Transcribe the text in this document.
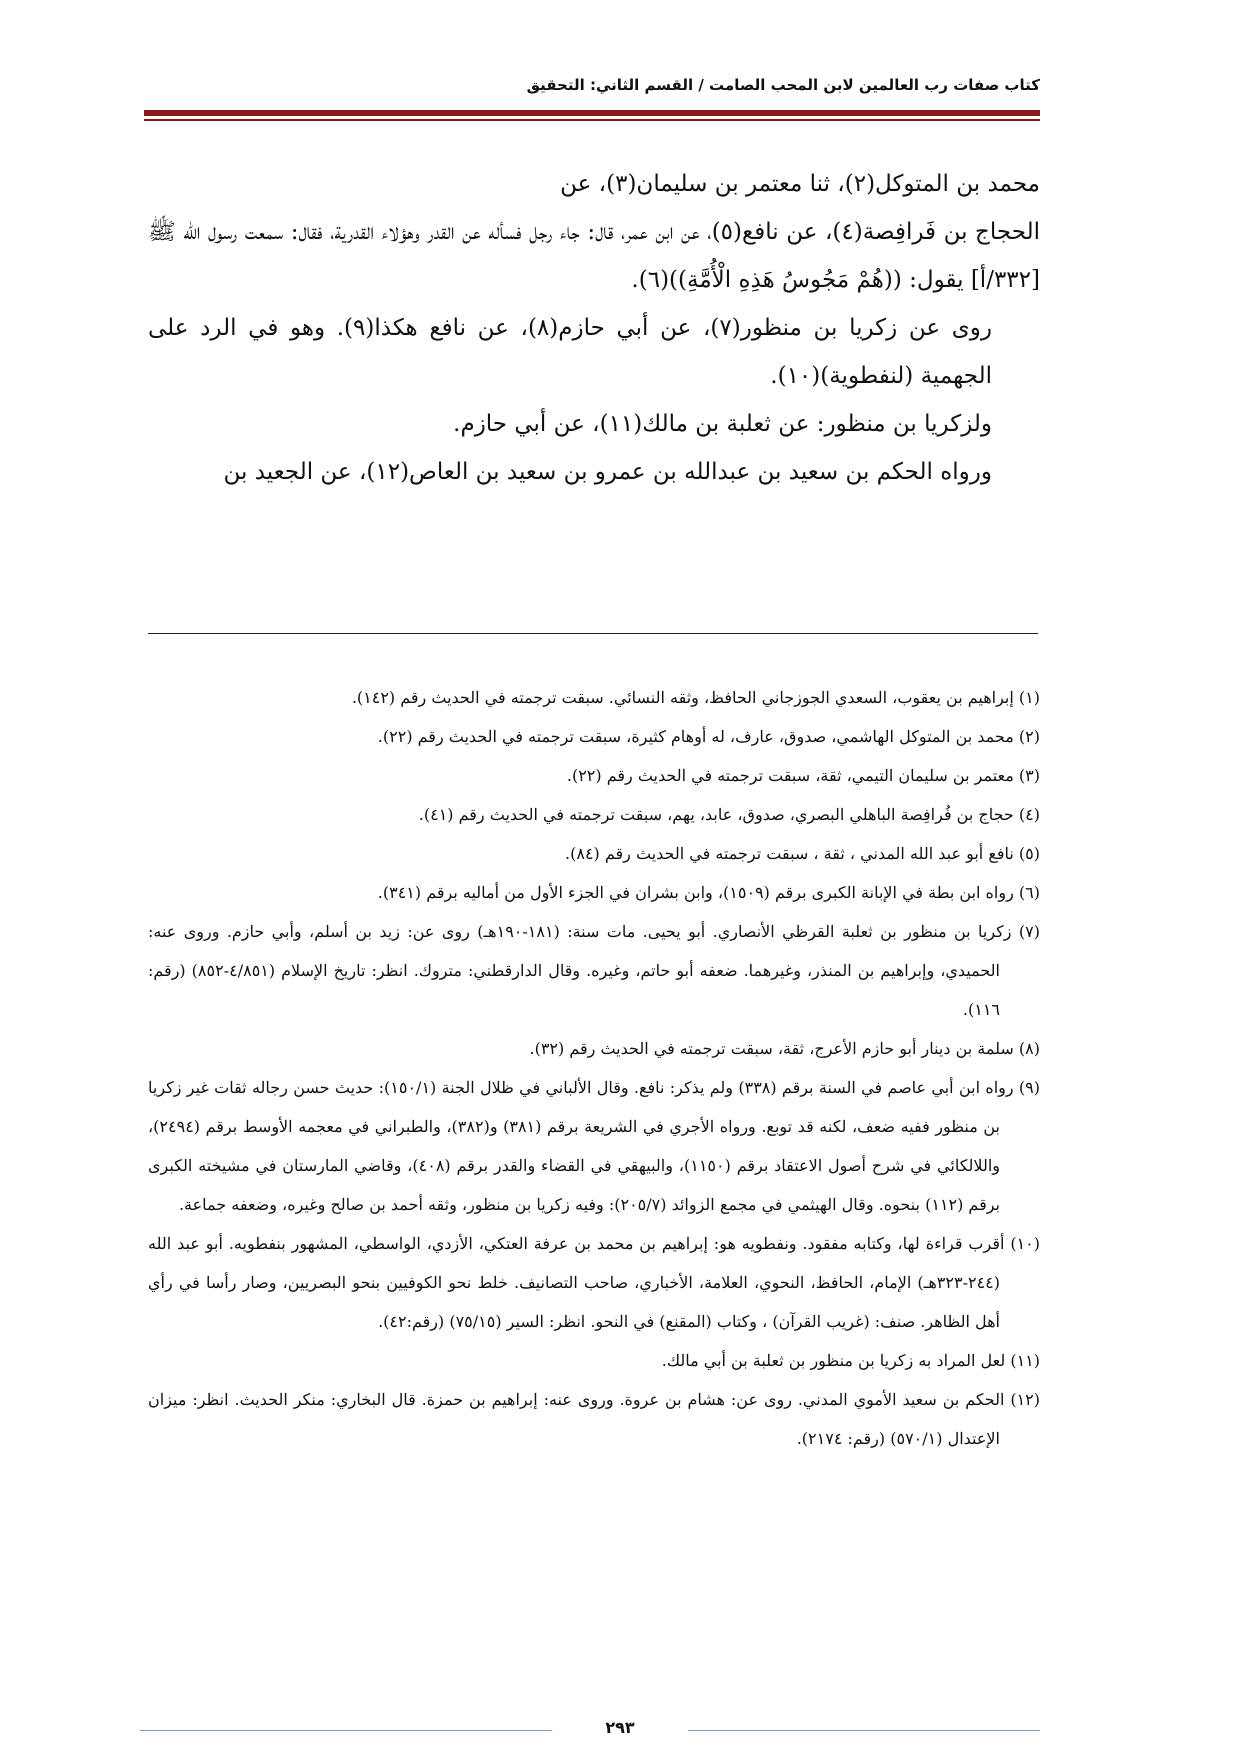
كتاب صفات رب العالمين لابن المحب الصامت / القسم الثاني: التحقيق

محمد بن المتوكل(٢)، ثنا معتمر بن سليمان(٣)، عن

الحجاج بن فَرافِصة(٤)، عن نافع(٥)، عن ابن عمر، قال: جاء رجل فسأله عن القدر وهؤلاء القدرية، فقال: سمعت رسول الله ﷺ [٣٣٢/أ] يقول: ((هُمْ مَجُوسُ هَذِهِ الْأُمَّةِ))(٦).

روى عن زكريا بن منظور(٧)، عن أبي حازم(٨)، عن نافع هكذا(٩). وهو في الرد على الجهمية (لنفطوية)(١٠).

ولزكريا بن منظور: عن ثعلبة بن مالك(١١)، عن أبي حازم.

ورواه الحكم بن سعيد بن عبدالله بن عمرو بن سعيد بن العاص(١٢)، عن الجعيد بن

(١) إبراهيم بن يعقوب، السعدي الجوزجاني الحافظ، وثقه النسائي. سبقت ترجمته في الحديث رقم (١٤٢).

(٢) محمد بن المتوكل الهاشمي، صدوق، عارف، له أوهام كثيرة، سبقت ترجمته في الحديث رقم (٢٢).

(٣) معتمر بن سليمان التيمي، ثقة، سبقت ترجمته في الحديث رقم (٢٢).

(٤) حجاج بن فُرافِصة الباهلي البصري، صدوق، عابد، يهم، سبقت ترجمته في الحديث رقم (٤١).

(٥) نافع أبو عبد الله المدني ، ثقة ، سبقت ترجمته في الحديث رقم (٨٤).

(٦) رواه ابن بطة في الإبانة الكبرى برقم (١٥٠٩)، وابن بشران في الجزء الأول من أماليه برقم (٣٤١).

(٧) زكريا بن منظور بن ثعلبة القرظي الأنصاري. أبو يحيى. مات سنة: (١٨١-١٩٠هـ) روى عن: زيد بن أسلم، وأبي حازم. وروى عنه: الحميدي، وإبراهيم بن المنذر، وغيرهما. ضعفه أبو حاتم، وغيره. وقال الدارقطني: متروك. انظر: تاريخ الإسلام (٤/٨٥١-٨٥٢) (رقم: ١١٦).

(٨) سلمة بن دينار أبو حازم الأعرج، ثقة، سبقت ترجمته في الحديث رقم (٣٢).

(٩) رواه ابن أبي عاصم في السنة برقم (٣٣٨) ولم يذكر: نافع. وقال الألباني في ظلال الجنة (١٥٠/١): حديث حسن رجاله ثقات غير زكريا بن منظور ففيه ضعف، لكنه قد توبع. ورواه الأجري في الشريعة برقم (٣٨١) و(٣٨٢)، والطبراني في معجمه الأوسط برقم (٢٤٩٤)، واللالكائي في شرح أصول الاعتقاد برقم (١١٥٠)، والبيهقي في القضاء والقدر برقم (٤٠٨)، وقاضي المارستان في مشيخته الكبرى برقم (١١٢) بنحوه. وقال الهيثمي في مجمع الزوائد (٢٠٥/٧): وفيه زكريا بن منظور، وثقه أحمد بن صالح وغيره، وضعفه جماعة.

(١٠) أقرب قراءة لها، وكتابه مفقود. ونفطويه هو: إبراهيم بن محمد بن عرفة العتكي، الأزدي، الواسطي، المشهور بنفطويه. أبو عبد الله (٢٤٤-٣٢٣هـ) الإمام، الحافظ، النحوي، العلامة، الأخباري، صاحب التصانيف. خلط نحو الكوفيين بنحو البصريين، وصار رأسا في رأي أهل الظاهر. صنف: (غريب القرآن) ، وكتاب (المقنع) في النحو. انظر: السير (٧٥/١٥) (رقم:٤٢).

(١١) لعل المراد به زكريا بن منظور بن ثعلبة بن أبي مالك.

(١٢) الحكم بن سعيد الأموي المدني. روى عن: هشام بن عروة. وروى عنه: إبراهيم بن حمزة. قال البخاري: منكر الحديث. انظر: ميزان الإعتدال (٥٧٠/١) (رقم: ٢١٧٤).

٢٩٣
